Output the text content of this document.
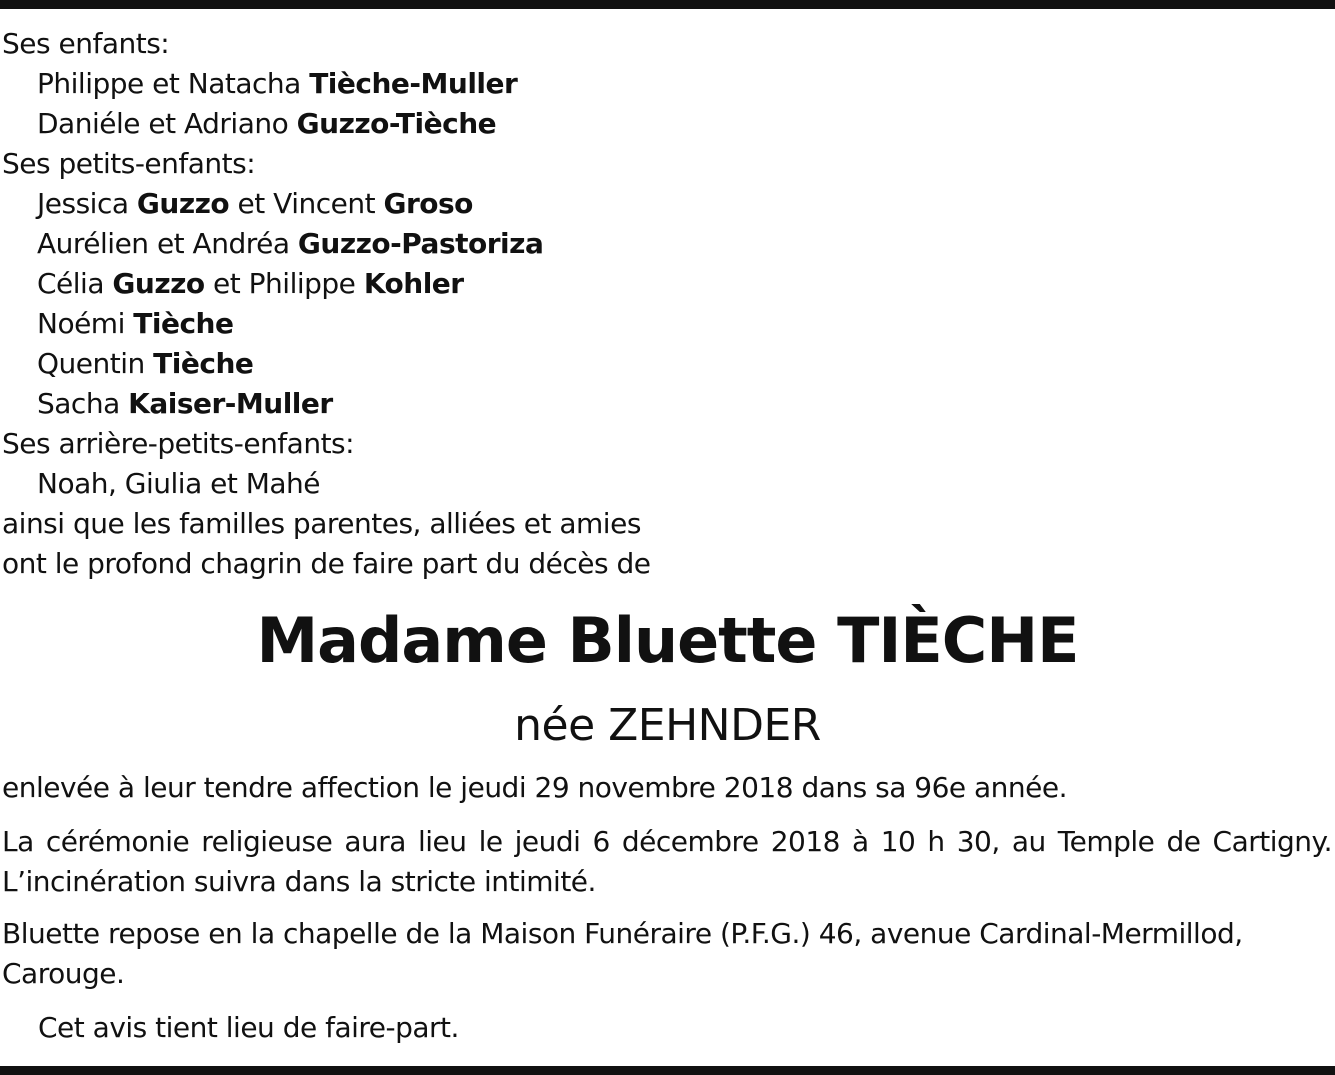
Ses enfants:
Philippe et Natacha Tièche-Muller
Daniéle et Adriano Guzzo-Tièche
Ses petits-enfants:
Jessica Guzzo et Vincent Groso
Aurélien et Andréa Guzzo-Pastoriza
Célia Guzzo et Philippe Kohler
Noémi Tièche
Quentin Tièche
Sacha Kaiser-Muller
Ses arrière-petits-enfants:
Noah, Giulia et Mahé
ainsi que les familles parentes, alliées et amies
ont le profond chagrin de faire part du décès de
Madame Bluette TIÈCHE
née ZEHNDER
enlevée à leur tendre affection le jeudi 29 novembre 2018 dans sa 96e année.
La cérémonie religieuse aura lieu le jeudi 6 décembre 2018 à 10 h 30, au Temple de Cartigny. L’incinération suivra dans la stricte intimité.
Bluette repose en la chapelle de la Maison Funéraire (P.F.G.) 46, avenue Cardinal-Mermillod, Carouge.
Cet avis tient lieu de faire-part.
